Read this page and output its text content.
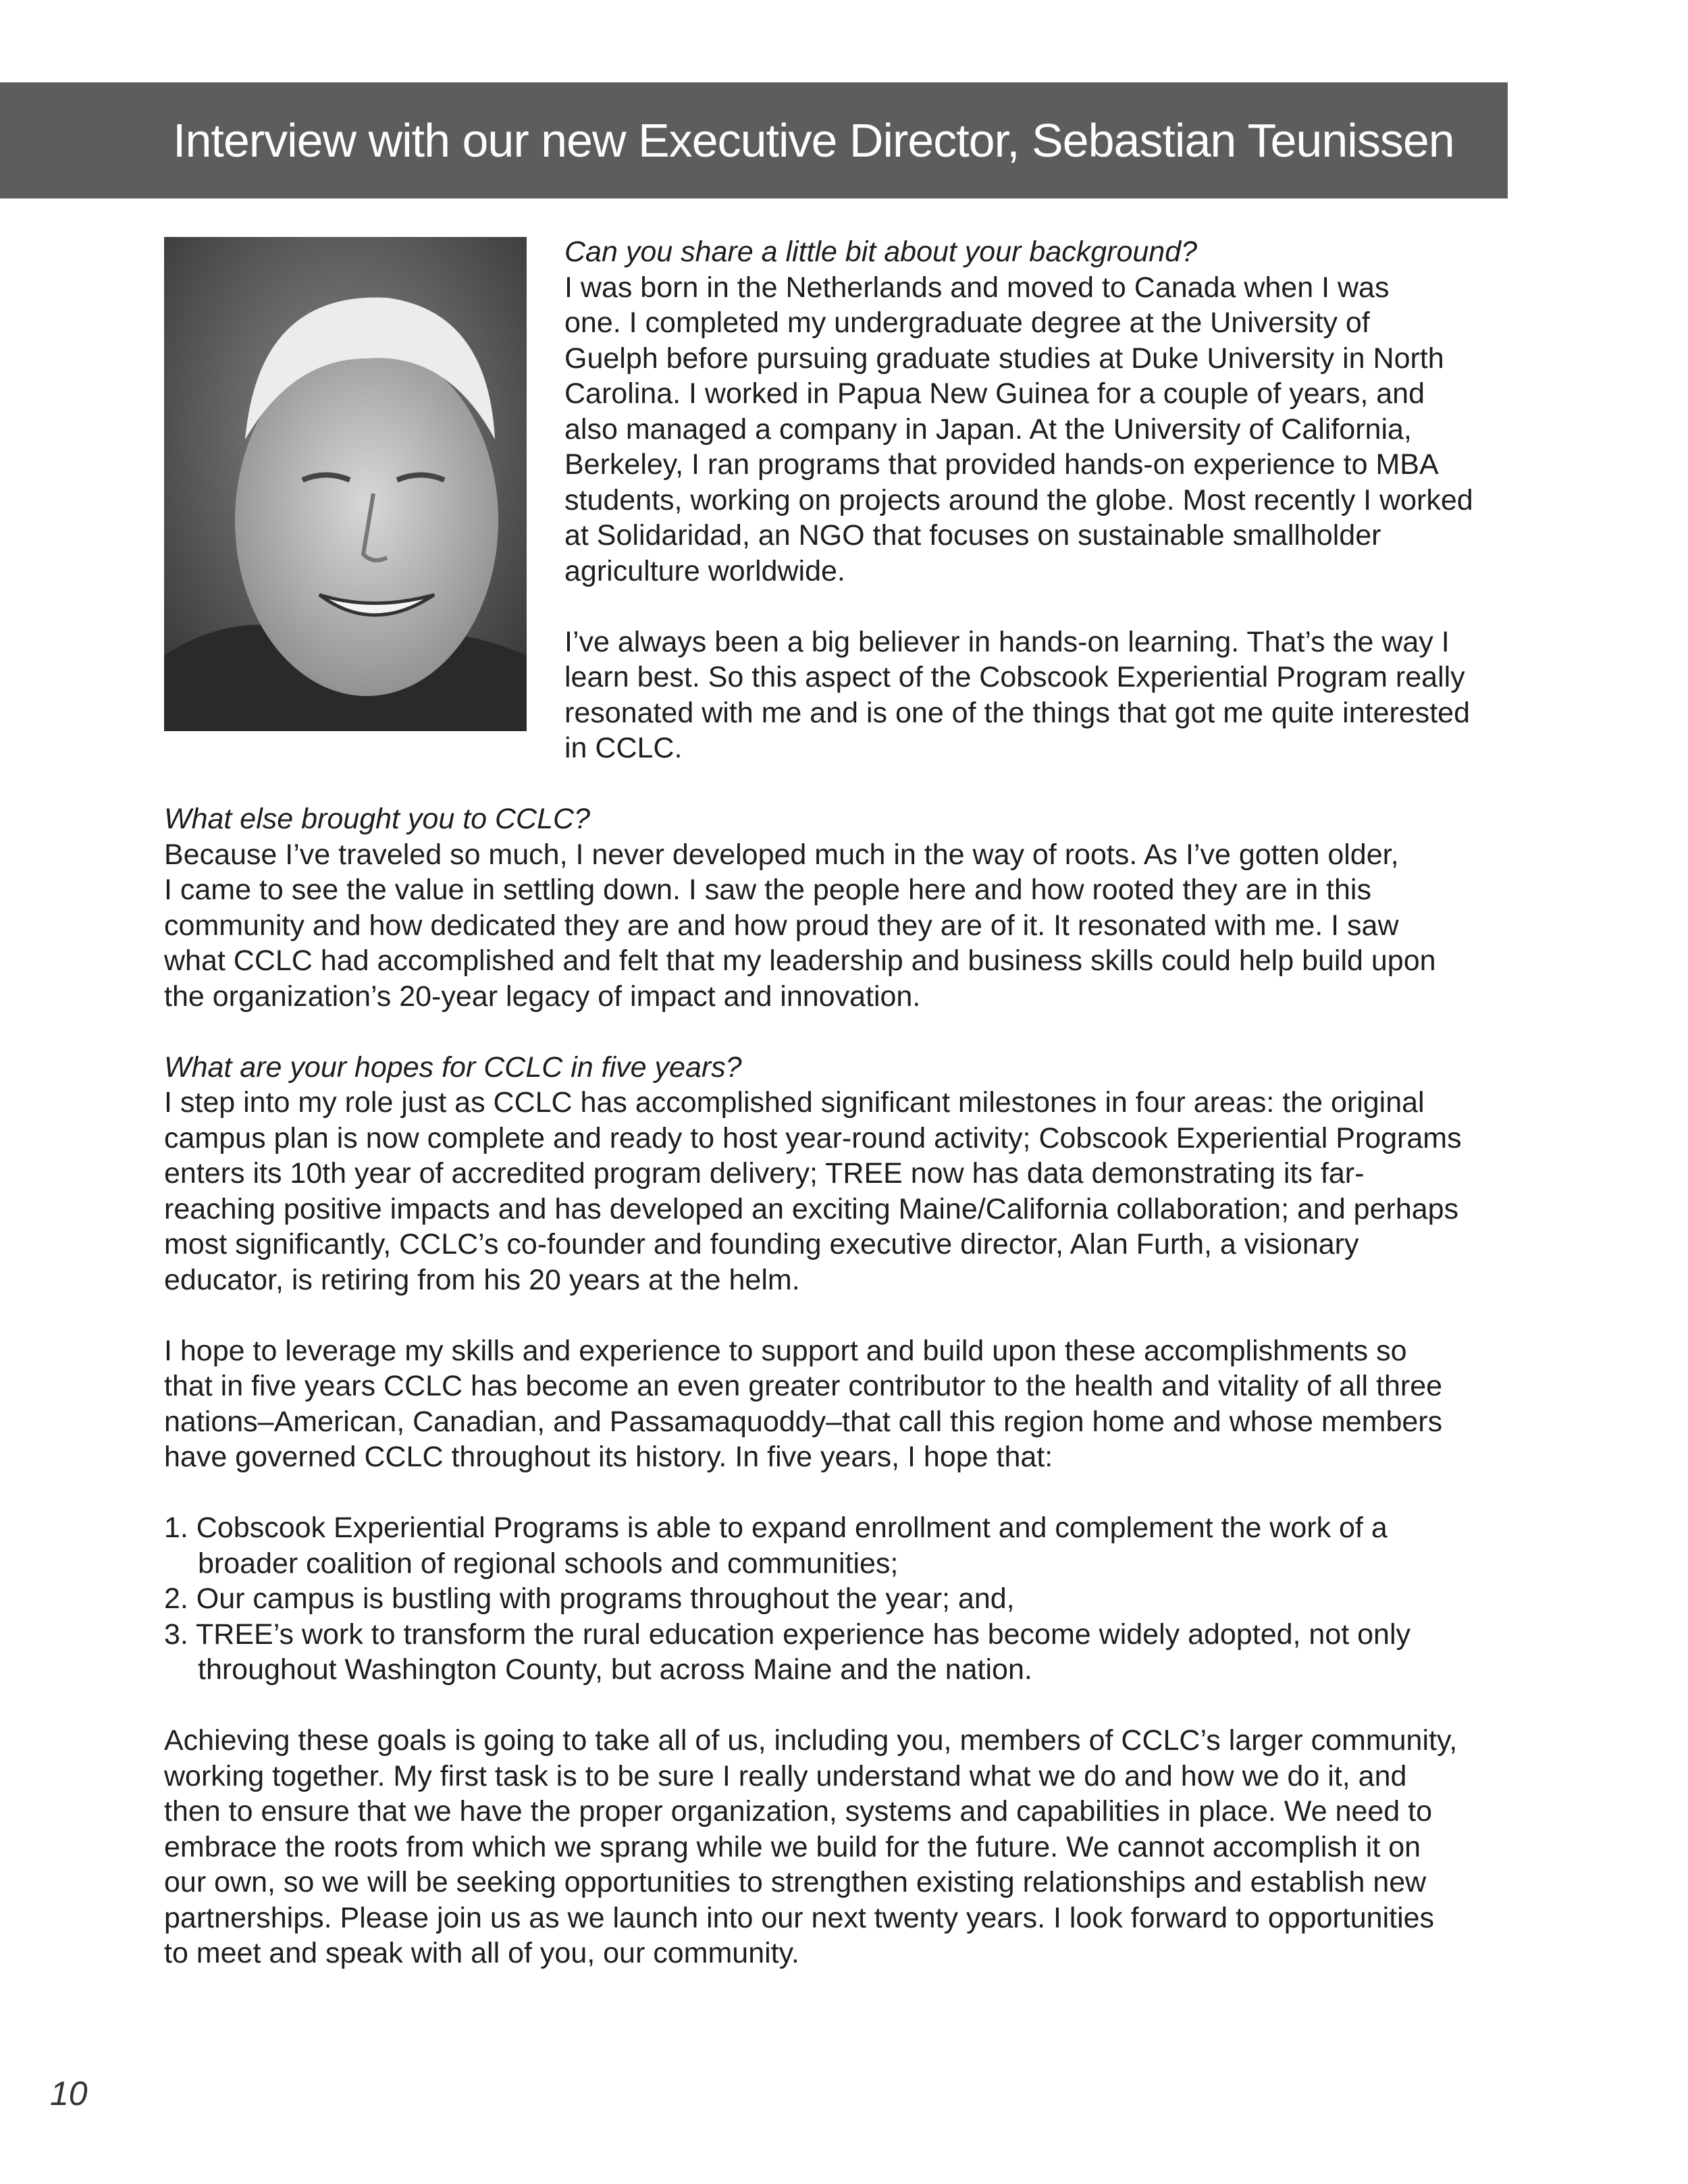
Interview with our new Executive Director, Sebastian Teunissen
Can you share a little bit about your background?
I was born in the Netherlands and moved to Canada when I was
one. I completed my undergraduate degree at the University of
Guelph before pursuing graduate studies at Duke University in North
Carolina. I worked in Papua New Guinea for a couple of years, and
also managed a company in Japan. At the University of California,
Berkeley, I ran programs that provided hands-on experience to MBA
students, working on projects around the globe. Most recently I worked
at Solidaridad, an NGO that focuses on sustainable smallholder
agriculture worldwide.
I’ve always been a big believer in hands-on learning. That’s the way I
learn best. So this aspect of the Cobscook Experiential Program really
resonated with me and is one of the things that got me quite interested
in CCLC.
What else brought you to CCLC?
Because I’ve traveled so much, I never developed much in the way of roots. As I’ve gotten older,
I came to see the value in settling down. I saw the people here and how rooted they are in this
community and how dedicated they are and how proud they are of it. It resonated with me. I saw
what CCLC had accomplished and felt that my leadership and business skills could help build upon
the organization’s 20-year legacy of impact and innovation.
What are your hopes for CCLC in five years?
I step into my role just as CCLC has accomplished significant milestones in four areas: the original
campus plan is now complete and ready to host year-round activity; Cobscook Experiential Programs
enters its 10th year of accredited program delivery; TREE now has data demonstrating its far-
reaching positive impacts and has developed an exciting Maine/California collaboration; and perhaps
most significantly, CCLC’s co-founder and founding executive director, Alan Furth, a visionary
educator, is retiring from his 20 years at the helm.
I hope to leverage my skills and experience to support and build upon these accomplishments so
that in five years CCLC has become an even greater contributor to the health and vitality of all three
nations–American, Canadian, and Passamaquoddy–that call this region home and whose members
have governed CCLC throughout its history. In five years, I hope that:
1. Cobscook Experiential Programs is able to expand enrollment and complement the work of a
broader coalition of regional schools and communities;
2. Our campus is bustling with programs throughout the year; and,
3. TREE’s work to transform the rural education experience has become widely adopted, not only
throughout Washington County, but across Maine and the nation.
Achieving these goals is going to take all of us, including you, members of CCLC’s larger community,
working together. My first task is to be sure I really understand what we do and how we do it, and
then to ensure that we have the proper organization, systems and capabilities in place. We need to
embrace the roots from which we sprang while we build for the future. We cannot accomplish it on
our own, so we will be seeking opportunities to strengthen existing relationships and establish new
partnerships. Please join us as we launch into our next twenty years. I look forward to opportunities
to meet and speak with all of you, our community.
10
